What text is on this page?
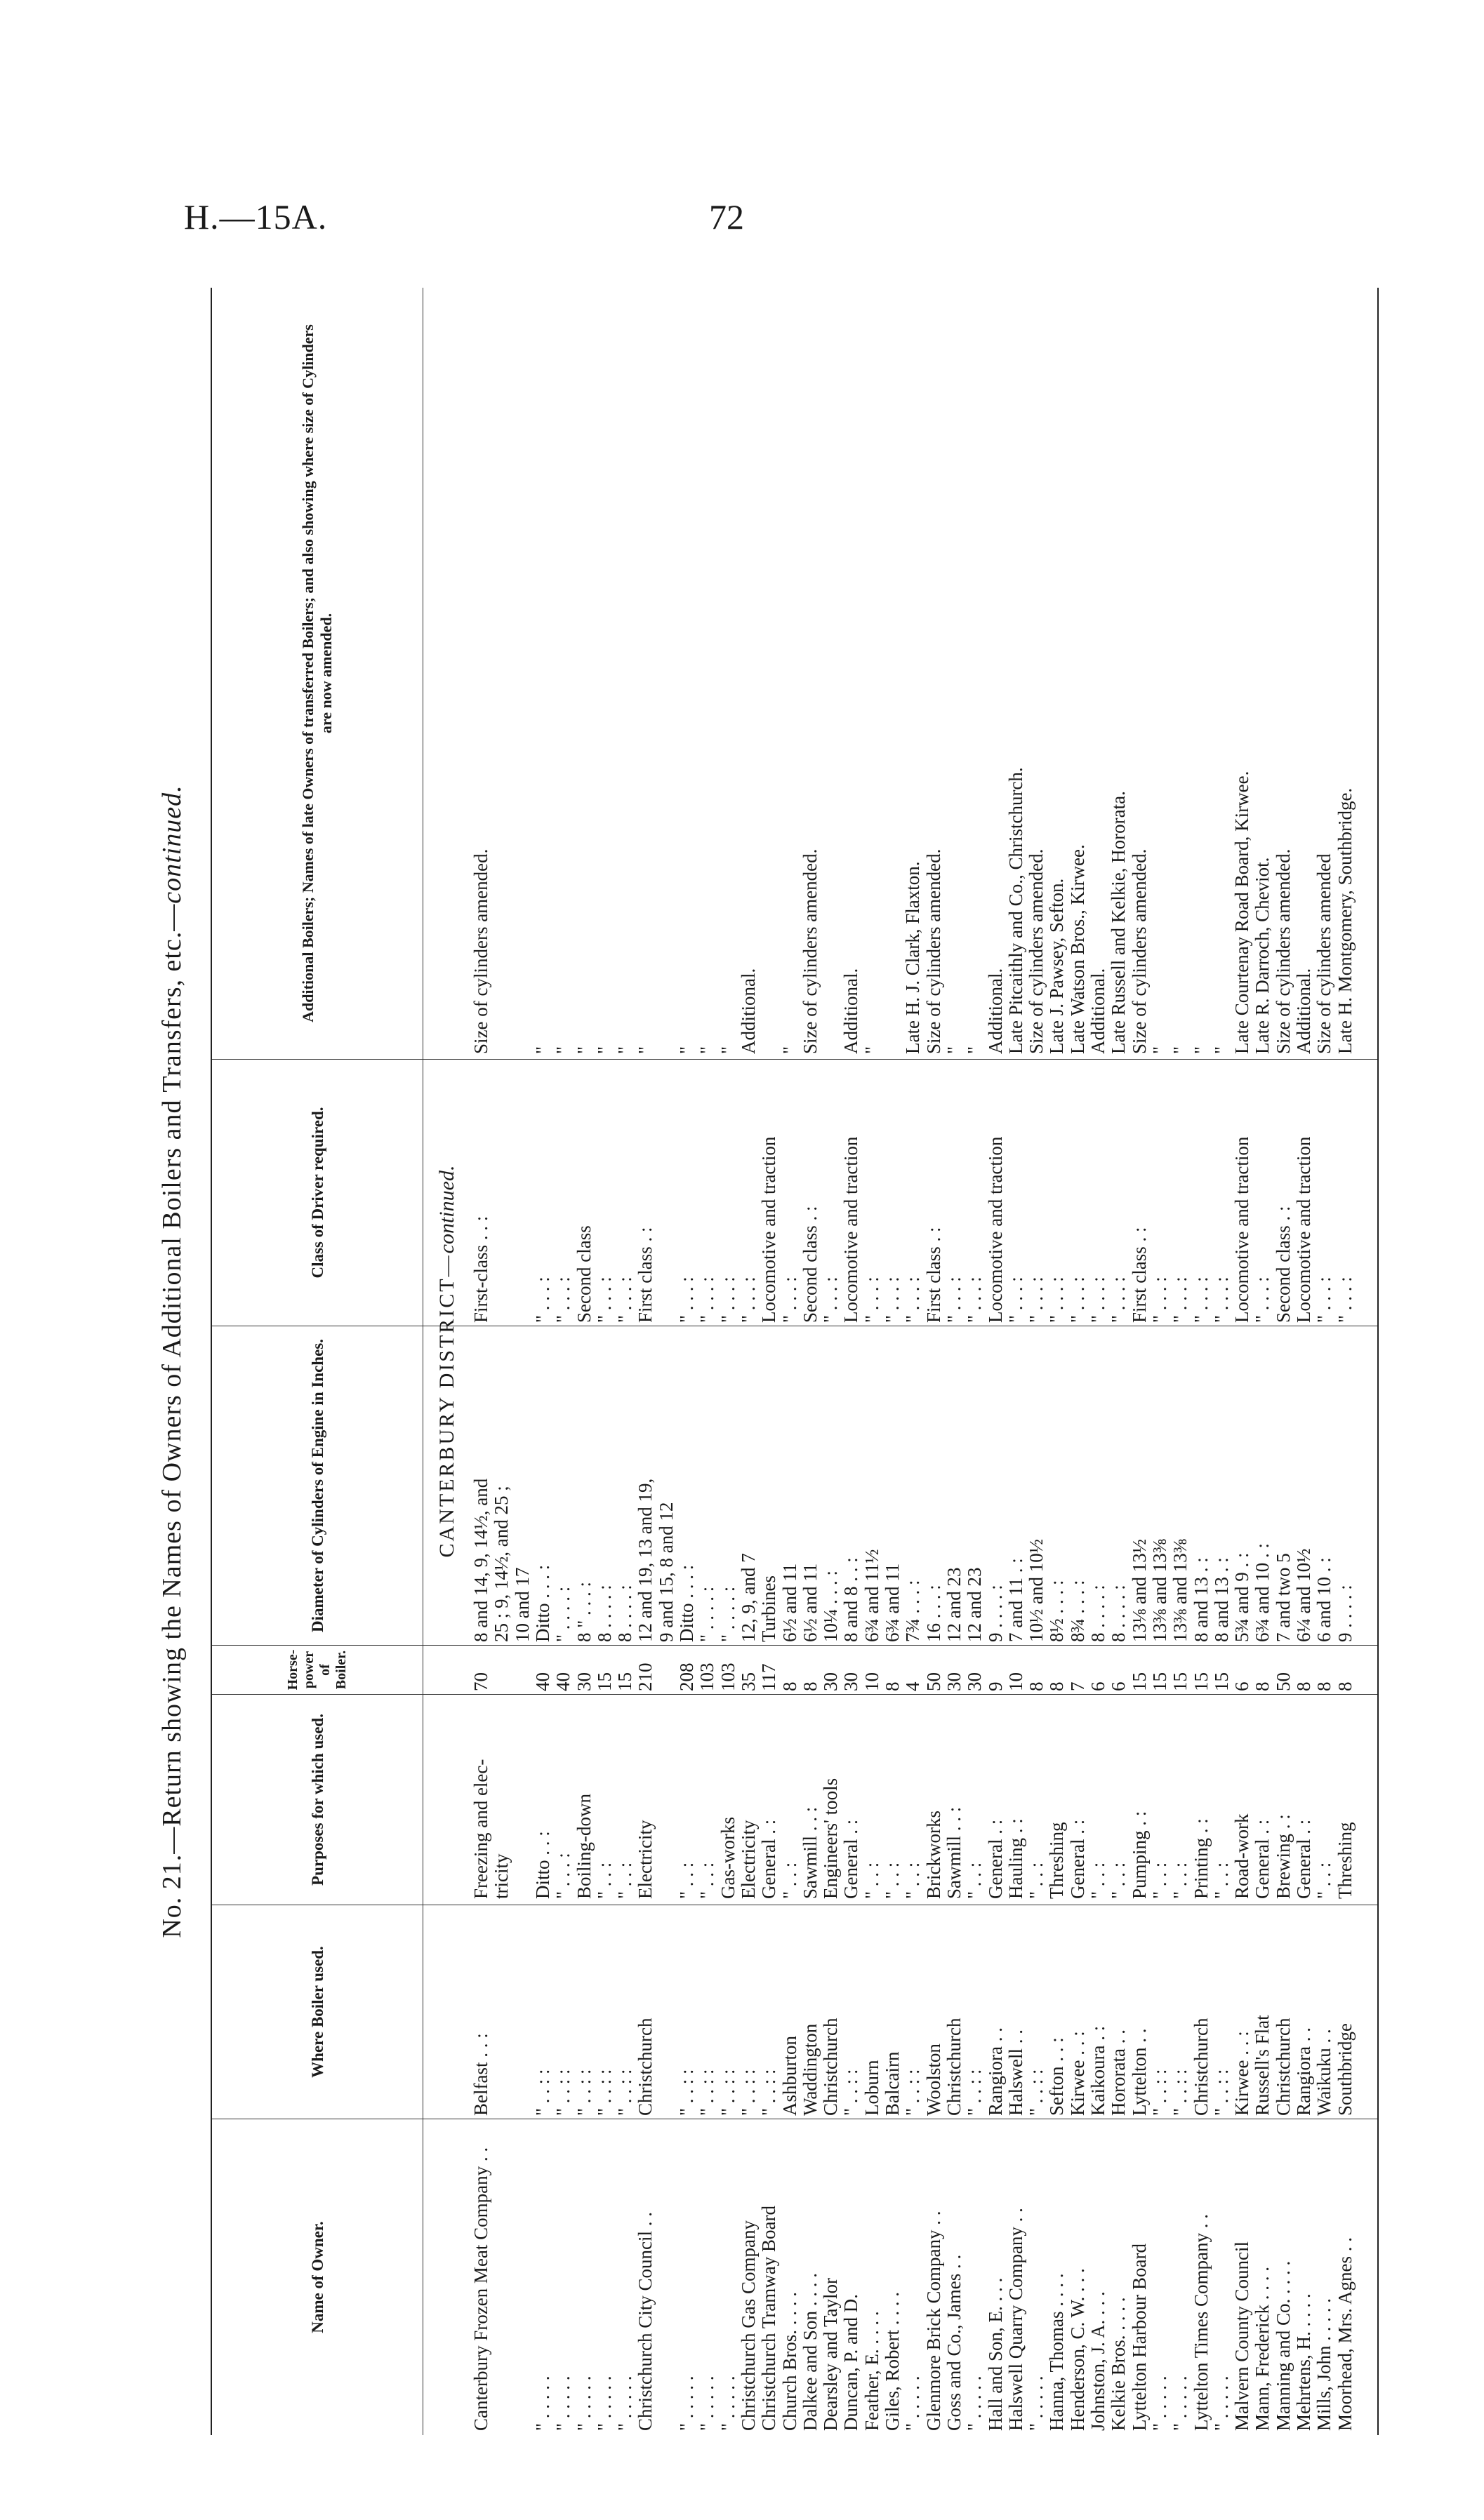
H.—15A.	72
No. 21.—Return showing the Names of Owners of Additional Boilers and Transfers, etc.—continued.
Name of Owner.
Where Boiler used.
Purposes for which used.
Horse-power of Boiler.
Diameter of Cylinders of Engine in Inches.
Class of Driver required.
Additional Boilers; Names of late Owners of transferred Boilers; and also showing where size of Cylinders are now amended.
CANTERBURY DISTRICT—continued.
Canterbury Frozen Meat Company . .
Belfast . . :
Freezing and elec-
70
8 and 14, 9, 14½, and
First-class . . :
Size of cylinders amended.
tricity
25 ; 9, 14½, and 25 ; 10 and 17
" . . . . .
" . . : :
Ditto . . :
40
Ditto . . . :
" . . . :
"
" . . . . .
" . . : :
" . . . :
40
" . . . . :
" . . . :
"
" . . . . .
" . . : :
Boiling-down
30
8 " . . . :
Second class
"
" . . . . .
" . . : :
" . . :
15
8 . . . . :
" . . . :
"
" . . . . .
" . . : :
" . . :
15
8 . . . . :
" . . . :
"
Christchurch City Council . .
Christchurch
Electricity
210
12 and 19, 13 and 19,
First class . :
"
9 and 15, 8 and 12
" . . . . .
" . . : :
" . . :
208
Ditto . . . :
" . . . :
"
" . . . . .
" . . : :
" . . :
103
" . . . . :
" . . . :
"
" . . . . .
" . . : :
Gas-works
103
" . . . . :
" . . . :
"
Christchurch Gas Company
" . . : :
Electricity
35
12, 9, and 7
" . . . :
Additional.
Christchurch Tramway Board
" . . : :
General . :
117
Turbines
Locomotive and traction
Church Bros. . . . .
Ashburton
" . . :
8
6½ and 11
" . . . :
"
Dalkee and Son . . . .
Waddington
Sawmill . . :
8
6½ and 11
Second class . :
Size of cylinders amended.
Dearsley and Taylor
Christchurch
Engineers' tools
30
10¼ . . . :
" . . . :
Duncan, P. and D.
" . . : :
General . :
30
8 and 8 . . :
Locomotive and traction
Additional.
Feather, E. . . . .
Loburn
" . . :
10
6¾ and 11½
" . . . :
"
Giles, Robert . . . .
Balcairn
" . . :
8
6¾ and 11
" . . . :
" . . . . .
" . . : :
" . . :
4
7¾ . . . :
" . . . :
Late H. J. Clark, Flaxton.
Glenmore Brick Company . .
Woolston
Brickworks
50
16 . . . :
First class . :
Size of cylinders amended.
Goss and Co., James . .
Christchurch
Sawmill . . :
30
12 and 23
" . . . :
"
" . . . . .
" . . : :
" . . :
30
12 and 23
" . . . :
"
Hall and Son, E. . . .
Rangiora . .
General . :
9
9 . . . . :
Locomotive and traction
Additional.
Halswell Quarry Company . .
Halswell . .
Hauling . :
10
7 and 11 . :
" . . . :
Late Pitcaithly and Co., Christchurch.
" . . . . .
" . . : :
" . . :
8
10½ and 10½
" . . . :
Size of cylinders amended.
Hanna, Thomas . . . .
Sefton . . :
Threshing
8
8½ . . . :
" . . . :
Late J. Pawsey, Sefton.
Henderson, C. W. . . .
Kirwee . . :
General . :
7
8¾ . . . :
" . . . :
Late Watson Bros., Kirwee.
Johnston, J. A. . . .
Kaikoura . :
" . . :
6
8 . . . . :
" . . . :
Additional.
Kelkie Bros. . . . .
Hororata . .
" . . :
6
8 . . . . :
" . . . :
Late Russell and Kelkie, Hororata.
Lyttelton Harbour Board
Lyttelton . .
Pumping . :
15
13⅛ and 13½
First class . :
Size of cylinders amended.
" . . . . .
" . . : :
" . . :
15
13⅜ and 13⅜
" . . . :
"
" . . . . .
" . . : :
" . . :
15
13⅜ and 13⅜
" . . . :
"
Lyttelton Times Company . .
Christchurch
Printing . :
15
8 and 13 . :
" . . . :
"
" . . . . .
" . . : :
" . . :
15
8 and 13 . :
" . . . :
"
Malvern County Council
Kirwee . . :
Road-work
6
5¾ and 9 . :
Locomotive and traction
Late Courtenay Road Board, Kirwee.
Mann, Frederick . . . .
Russell's Flat
General . :
8
6¾ and 10 . :
" . . . :
Late R. Darroch, Cheviot.
Manning and Co. . . . .
Christchurch
Brewing . :
50
7 and two 5
Second class . :
Size of cylinders amended.
Mehrtens, H. . . . .
Rangiora . .
General . :
8
6¼ and 10½
Locomotive and traction
Additional.
Mills, John . . . . .
Waikuku . .
" . . :
8
6 and 10 . :
" . . . :
Size of cylinders amended
Moorhead, Mrs. Agnes . .
Southbridge
Threshing
8
9 . . . . :
" . . . :
Late H. Montgomery, Southbridge.
